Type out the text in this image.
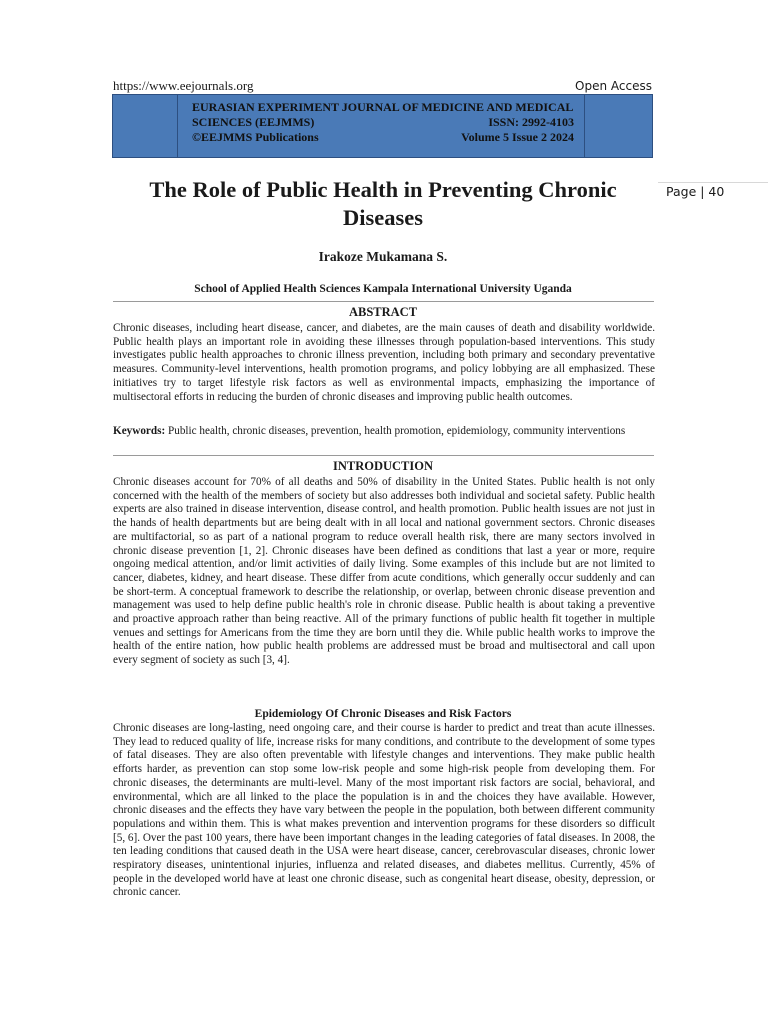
https://www.eejournals.org	Open Access
EURASIAN EXPERIMENT JOURNAL OF MEDICINE AND MEDICAL
SCIENCES (EEJMMS)	ISSN: 2992-4103
©EEJMMS Publications	Volume 5 Issue 2 2024
Page | 40
The Role of Public Health in Preventing Chronic Diseases
Irakoze Mukamana S.
School of Applied Health Sciences Kampala International University Uganda
ABSTRACT

Chronic diseases, including heart disease, cancer, and diabetes, are the main causes of death and disability worldwide. Public health plays an important role in avoiding these illnesses through population-based interventions. This study investigates public health approaches to chronic illness prevention, including both primary and secondary preventative measures. Community-level interventions, health promotion programs, and policy lobbying are all emphasized. These initiatives try to target lifestyle risk factors as well as environmental impacts, emphasizing the importance of multisectoral efforts in reducing the burden of chronic diseases and improving public health outcomes.

Keywords: Public health, chronic diseases, prevention, health promotion, epidemiology, community interventions

INTRODUCTION

Chronic diseases account for 70% of all deaths and 50% of disability in the United States. Public health is not only concerned with the health of the members of society but also addresses both individual and societal safety. Public health experts are also trained in disease intervention, disease control, and health promotion. Public health issues are not just in the hands of health departments but are being dealt with in all local and national government sectors. Chronic diseases are multifactorial, so as part of a national program to reduce overall health risk, there are many sectors involved in chronic disease prevention [1, 2]. Chronic diseases have been defined as conditions that last a year or more, require ongoing medical attention, and/or limit activities of daily living. Some examples of this include but are not limited to cancer, diabetes, kidney, and heart disease. These differ from acute conditions, which generally occur suddenly and can be short-term. A conceptual framework to describe the relationship, or overlap, between chronic disease prevention and management was used to help define public health's role in chronic disease. Public health is about taking a preventive and proactive approach rather than being reactive. All of the primary functions of public health fit together in multiple venues and settings for Americans from the time they are born until they die. While public health works to improve the health of the entire nation, how public health problems are addressed must be broad and multisectoral and call upon every segment of society as such [3, 4].

Epidemiology Of Chronic Diseases and Risk Factors

Chronic diseases are long-lasting, need ongoing care, and their course is harder to predict and treat than acute illnesses. They lead to reduced quality of life, increase risks for many conditions, and contribute to the development of some types of fatal diseases. They are also often preventable with lifestyle changes and interventions. They make public health efforts harder, as prevention can stop some low-risk people and some high-risk people from developing them. For chronic diseases, the determinants are multi-level. Many of the most important risk factors are social, behavioral, and environmental, which are all linked to the place the population is in and the choices they have available. However, chronic diseases and the effects they have vary between the people in the population, both between different community populations and within them. This is what makes prevention and intervention programs for these disorders so difficult [5, 6]. Over the past 100 years, there have been important changes in the leading categories of fatal diseases. In 2008, the ten leading conditions that caused death in the USA were heart disease, cancer, cerebrovascular diseases, chronic lower respiratory diseases, unintentional injuries, influenza and related diseases, and diabetes mellitus. Currently, 45% of people in the developed world have at least one chronic disease, such as congenital heart disease, obesity, depression, or chronic cancer.
